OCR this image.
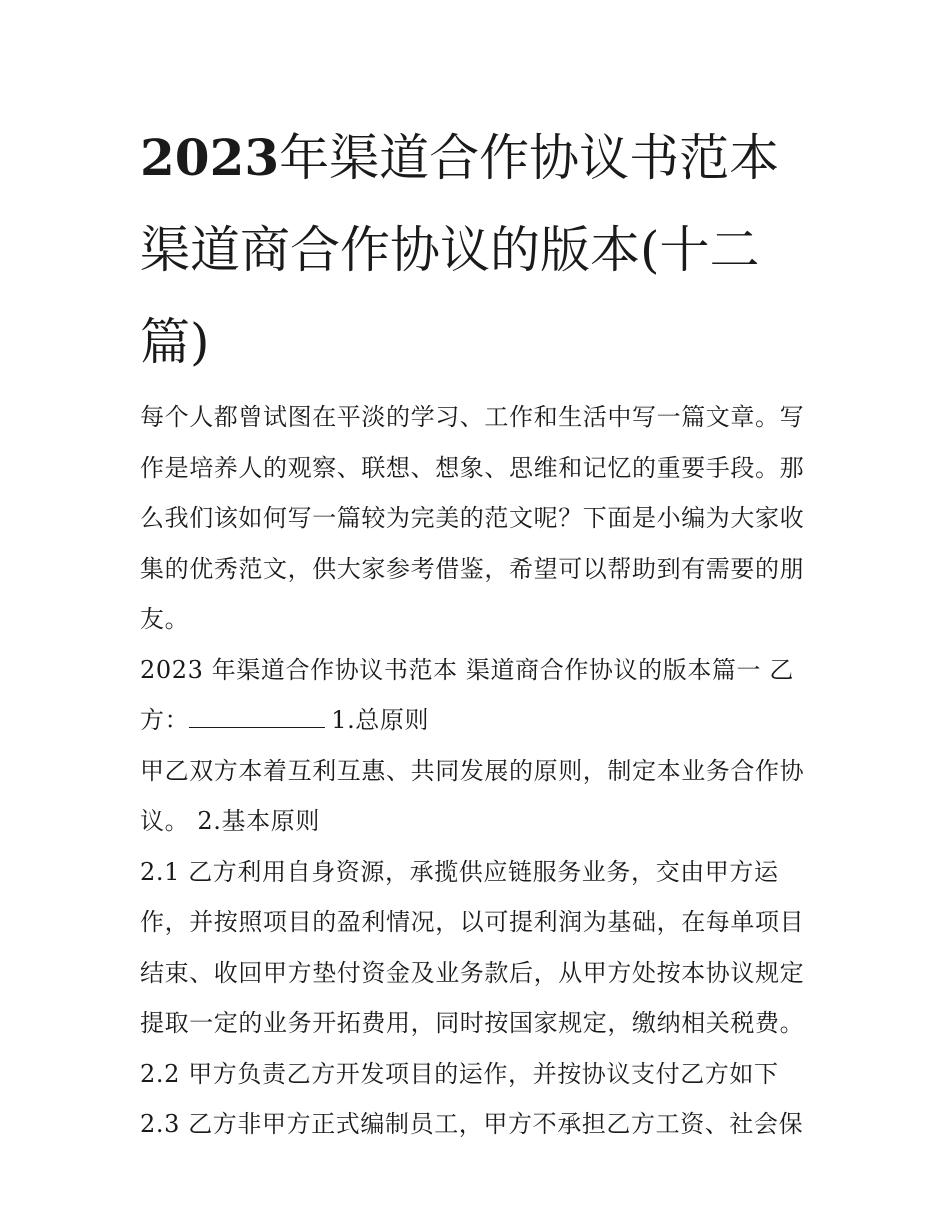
2023年渠道合作协议书范本
渠道商合作协议的版本(十二
篇)

每个人都曾试图在平淡的学习、工作和生活中写一篇文章。写
作是培养人的观察、联想、想象、思维和记忆的重要手段。那
么我们该如何写一篇较为完美的范文呢？下面是小编为大家收
集的优秀范文，供大家参考借鉴，希望可以帮助到有需要的朋
友。

2023 年渠道合作协议书范本 渠道商合作协议的版本篇一 乙
方：	1.总原则

甲乙双方本着互利互惠、共同发展的原则，制定本业务合作协
议。 2.基本原则

2.1 乙方利用自身资源，承揽供应链服务业务，交由甲方运
作，并按照项目的盈利情况，以可提利润为基础，在每单项目
结束、收回甲方垫付资金及业务款后，从甲方处按本协议规定
提取一定的业务开拓费用，同时按国家规定，缴纳相关税费。

2.2 甲方负责乙方开发项目的运作，并按协议支付乙方如下

2.3 乙方非甲方正式编制员工，甲方不承担乙方工资、社会保
